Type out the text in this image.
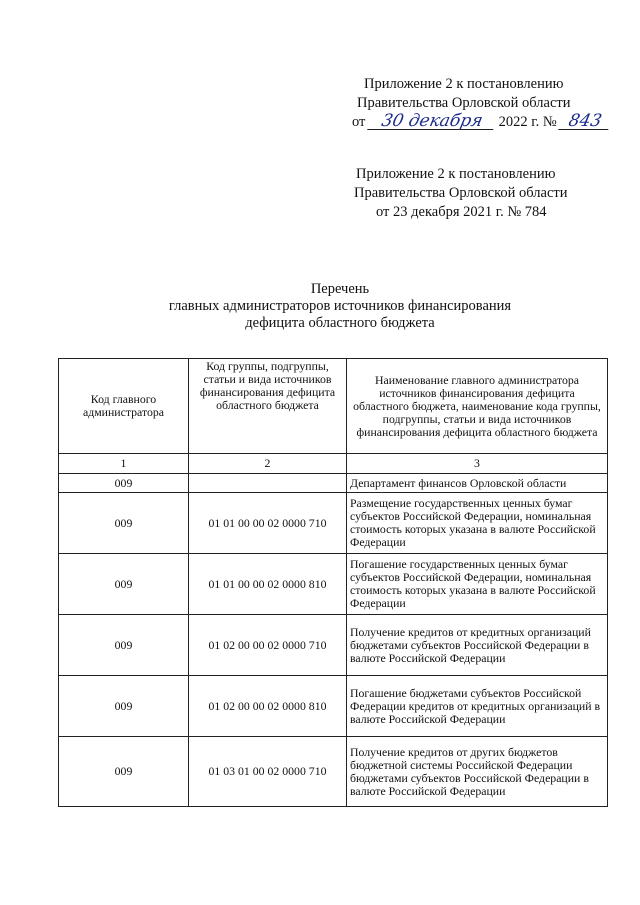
Приложение 2 к постановлению
Правительства Орловской области
от 30 декабря 2022 г. № 843
Приложение 2 к постановлению
Правительства Орловской области
от 23 декабря 2021 г. № 784
Перечень
главных администраторов источников финансирования
дефицита областного бюджета
Код главного администратора	Код группы, подгруппы, статьи и вида источников финансирования дефицита областного бюджета	Наименование главного администратора источников финансирования дефицита областного бюджета, наименование кода группы, подгруппы, статьи и вида источников финансирования дефицита областного бюджета
1	2	3
009		Департамент финансов Орловской области
009	01 01 00 00 02 0000 710	Размещение государственных ценных бумаг субъектов Российской Федерации, номинальная стоимость которых указана в валюте Российской Федерации
009	01 01 00 00 02 0000 810	Погашение государственных ценных бумаг субъектов Российской Федерации, номинальная стоимость которых указана в валюте Российской Федерации
009	01 02 00 00 02 0000 710	Получение кредитов от кредитных организаций бюджетами субъектов Российской Федерации в валюте Российской Федерации
009	01 02 00 00 02 0000 810	Погашение бюджетами субъектов Российской Федерации кредитов от кредитных организаций в валюте Российской Федерации
009	01 03 01 00 02 0000 710	Получение кредитов от других бюджетов бюджетной системы Российской Федерации бюджетами субъектов Российской Федерации в валюте Российской Федерации
